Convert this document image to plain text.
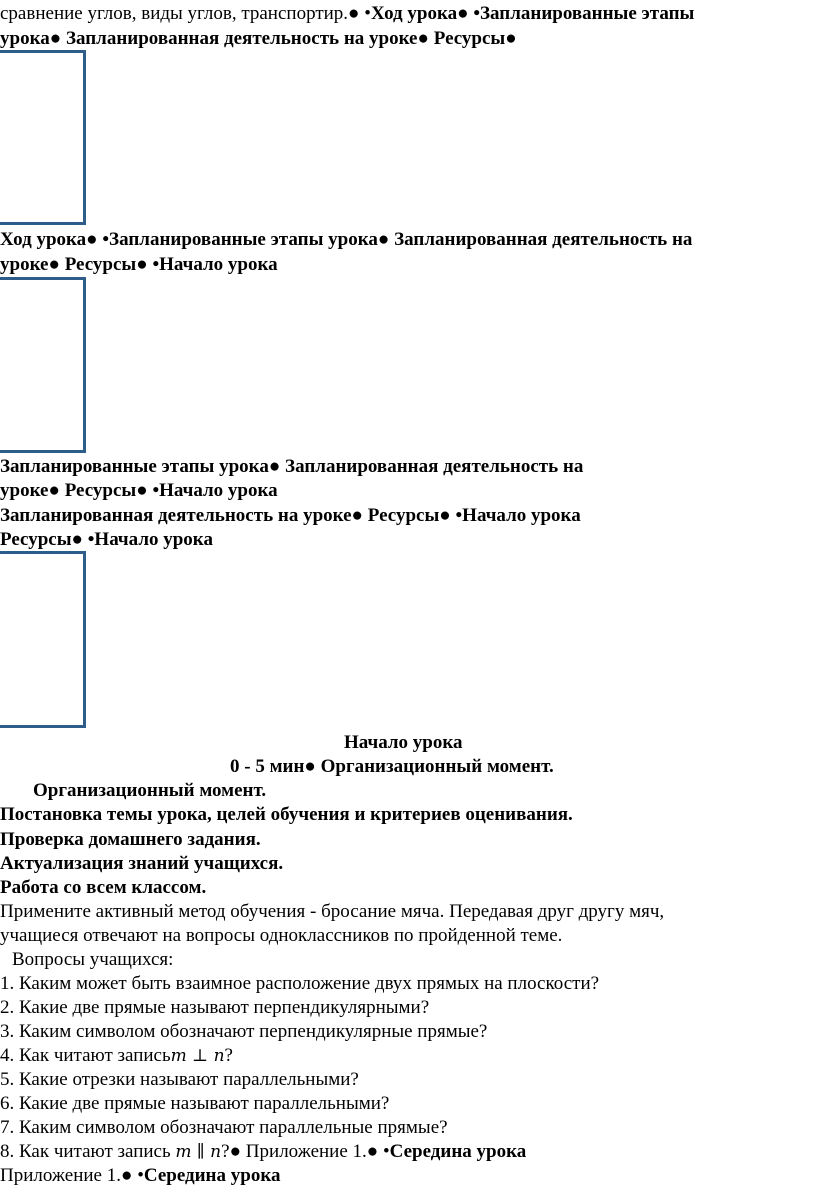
сравнение углов, виды углов, транспортир.● •Ход урока● •Запланированные этапы
урока● Запланированная деятельность на уроке● Ресурсы●
Ход урока● •Запланированные этапы урока● Запланированная деятельность на
уроке● Ресурсы● •Начало урока
Запланированные этапы урока● Запланированная деятельность на
уроке● Ресурсы● •Начало урока
Запланированная деятельность на уроке● Ресурсы● •Начало урока
Ресурсы● •Начало урока
Начало урока
0 - 5 мин● Организационный момент.
Организационный момент.
Постановка темы урока, целей обучения и критериев оценивания.
Проверка домашнего задания.
Актуализация знаний учащихся.
Работа со всем классом.
Примените активный метод обучения - бросание мяча. Передавая друг другу мяч,
учащиеся отвечают на вопросы одноклассников по пройденной теме.
Вопросы учащихся:
1. Каким может быть взаимное расположение двух прямых на плоскости?
2. Какие две прямые называют перпендикулярными?
3. Каким символом обозначают перпендикулярные прямые?
4. Как читают запись𝑚 ⊥ 𝑛?
5. Какие отрезки называют параллельными?
6. Какие две прямые называют параллельными?
7. Каким символом обозначают параллельные прямые?
8. Как читают запись 𝑚 ∥ 𝑛?● Приложение 1.● •Середина урока
Приложение 1.● •Середина урока
